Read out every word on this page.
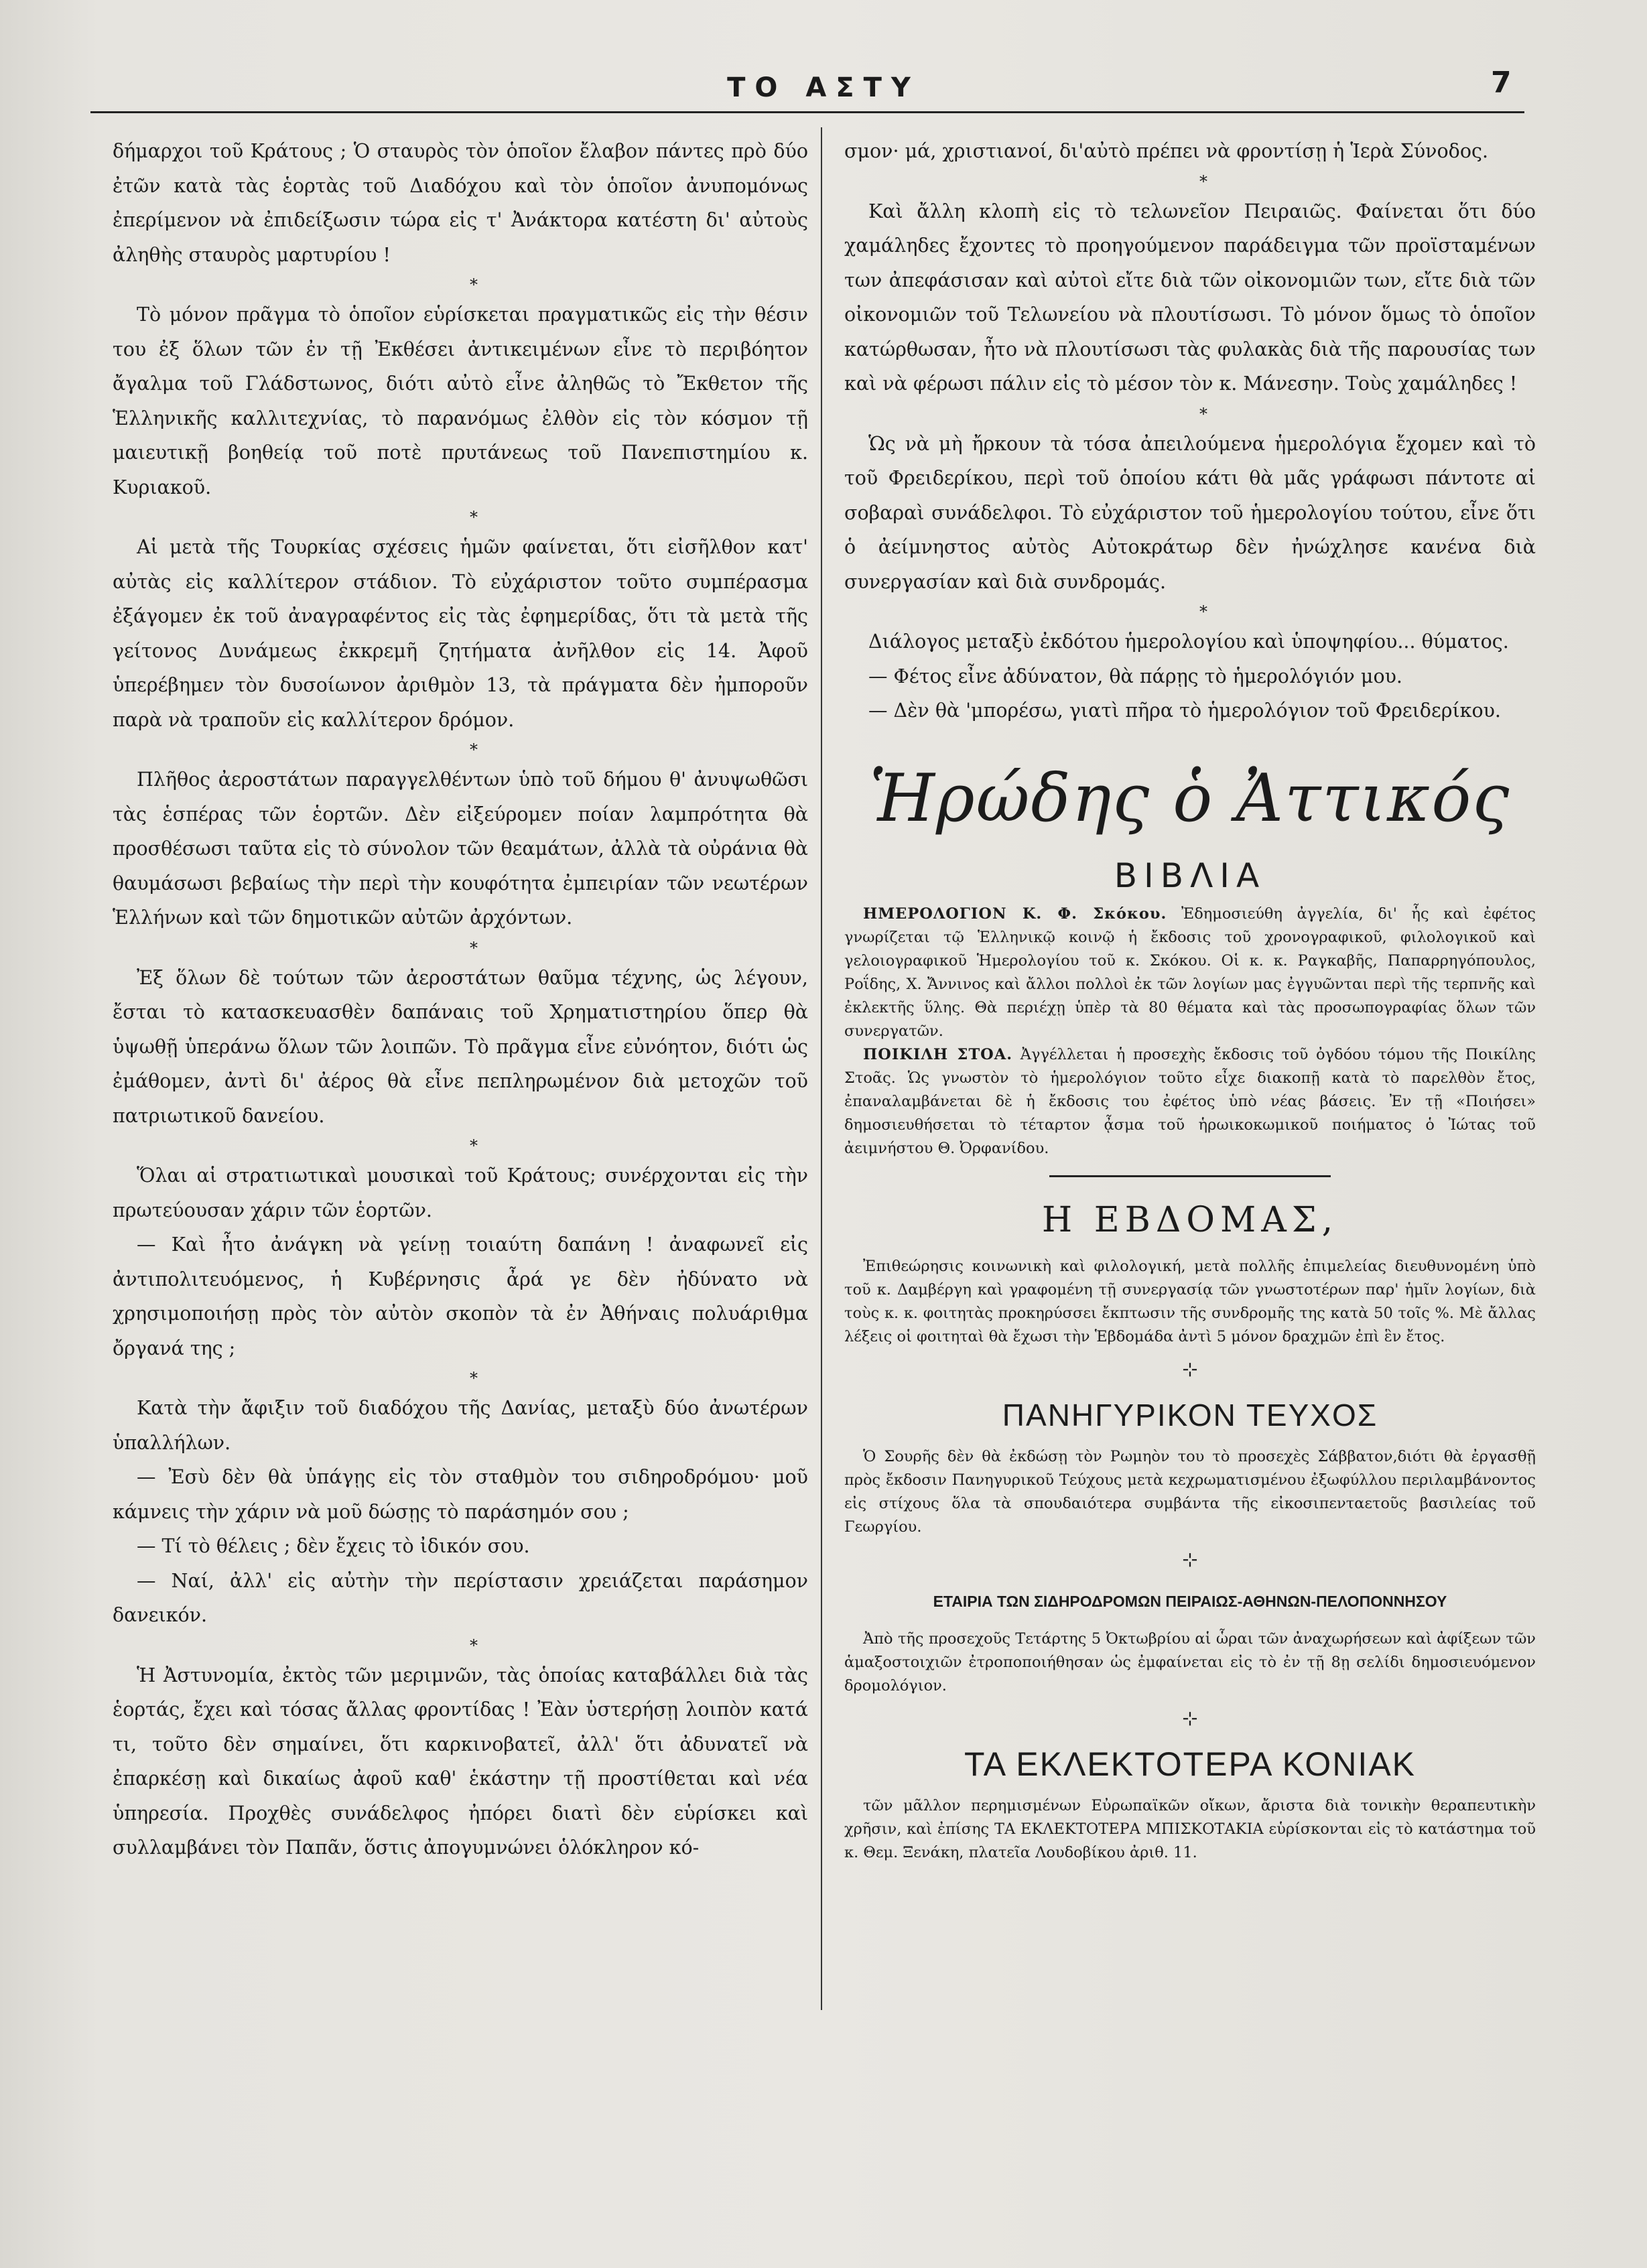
ΤΟ ΑΣΤΥ	7

δήμαρχοι τοῦ Κράτους ; Ὁ σταυρὸς τὸν ὁποῖον ἔλαβον πάντες πρὸ δύο ἐτῶν κατὰ τὰς ἑορτὰς τοῦ Διαδόχου καὶ τὸν ὁποῖον ἀνυπομόνως ἐπερίμενον νὰ ἐπιδείξωσιν τώρα εἰς τ' Ἀνάκτορα κατέστη δι' αὐτοὺς ἀληθὴς σταυρὸς μαρτυρίου !

*

Τὸ μόνον πρᾶγμα τὸ ὁποῖον εὑρίσκεται πραγματικῶς εἰς τὴν θέσιν του ἐξ ὅλων τῶν ἐν τῇ Ἐκθέσει ἀντικειμένων εἶνε τὸ περιβόητον ἄγαλμα τοῦ Γλάδστωνος, διότι αὐτὸ εἶνε ἀληθῶς τὸ Ἔκθετον τῆς Ἑλληνικῆς καλλιτεχνίας, τὸ παρανόμως ἐλθὸν εἰς τὸν κόσμον τῇ μαιευτικῇ βοηθείᾳ τοῦ ποτὲ πρυτάνεως τοῦ Πανεπιστημίου κ. Κυριακοῦ.

*

Αἱ μετὰ τῆς Τουρκίας σχέσεις ἡμῶν φαίνεται, ὅτι εἰσῆλθον κατ' αὐτὰς εἰς καλλίτερον στάδιον. Τὸ εὐχάριστον τοῦτο συμπέρασμα ἐξάγομεν ἐκ τοῦ ἀναγραφέντος εἰς τὰς ἐφημερίδας, ὅτι τὰ μετὰ τῆς γείτονος Δυνάμεως ἐκκρεμῆ ζητήματα ἀνῆλθον εἰς 14. Ἀφοῦ ὑπερέβημεν τὸν δυσοίωνον ἀριθμὸν 13, τὰ πράγματα δὲν ἠμποροῦν παρὰ νὰ τραποῦν εἰς καλλίτερον δρόμον.

*

Πλῆθος ἀεροστάτων παραγγελθέντων ὑπὸ τοῦ δήμου θ' ἀνυψωθῶσι τὰς ἑσπέρας τῶν ἑορτῶν. Δὲν εἰξεύρομεν ποίαν λαμπρότητα θὰ προσθέσωσι ταῦτα εἰς τὸ σύνολον τῶν θεαμάτων, ἀλλὰ τὰ οὐράνια θὰ θαυμάσωσι βεβαίως τὴν περὶ τὴν κουφότητα ἐμπειρίαν τῶν νεωτέρων Ἑλλήνων καὶ τῶν δημοτικῶν αὐτῶν ἀρχόντων.

*

Ἐξ ὅλων δὲ τούτων τῶν ἀεροστάτων θαῦμα τέχνης, ὡς λέγουν, ἔσται τὸ κατασκευασθὲν δαπάναις τοῦ Χρηματιστηρίου ὅπερ θὰ ὑψωθῇ ὑπεράνω ὅλων τῶν λοιπῶν. Τὸ πρᾶγμα εἶνε εὐνόητον, διότι ὡς ἐμάθομεν, ἀντὶ δι' ἀέρος θὰ εἶνε πεπληρωμένον διὰ μετοχῶν τοῦ πατριωτικοῦ δανείου.

*

Ὅλαι αἱ στρατιωτικαὶ μουσικαὶ τοῦ Κράτους; συνέρχονται εἰς τὴν πρωτεύουσαν χάριν τῶν ἑορτῶν.

— Καὶ ἦτο ἀνάγκη νὰ γείνῃ τοιαύτη δαπάνη ! ἀναφωνεῖ εἰς ἀντιπολιτευόμενος, ἡ Κυβέρνησις ἆρά γε δὲν ἠδύνατο νὰ χρησιμοποιήσῃ πρὸς τὸν αὐτὸν σκοπὸν τὰ ἐν Ἀθήναις πολυάριθμα ὄργανά της ;

*

Κατὰ τὴν ἄφιξιν τοῦ διαδόχου τῆς Δανίας, μεταξὺ δύο ἀνωτέρων ὑπαλλήλων.

— Ἐσὺ δὲν θὰ ὑπάγῃς εἰς τὸν σταθμὸν του σιδηροδρόμου· μοῦ κάμνεις τὴν χάριν νὰ μοῦ δώσῃς τὸ παράσημόν σου ;

— Τί τὸ θέλεις ; δὲν ἔχεις τὸ ἰδικόν σου.

— Ναί, ἀλλ' εἰς αὐτὴν τὴν περίστασιν χρειάζεται παράσημον δανεικόν.

*

Ἡ Ἀστυνομία, ἐκτὸς τῶν μεριμνῶν, τὰς ὁποίας καταβάλλει διὰ τὰς ἑορτάς, ἔχει καὶ τόσας ἄλλας φροντίδας ! Ἐὰν ὑστερήσῃ λοιπὸν κατά τι, τοῦτο δὲν σημαίνει, ὅτι καρκινοβατεῖ, ἀλλ' ὅτι ἀδυνατεῖ νὰ ἐπαρκέσῃ καὶ δικαίως ἀφοῦ καθ' ἑκάστην τῇ προστίθεται καὶ νέα ὑπηρεσία. Προχθὲς συνάδελφος ἠπόρει διατὶ δὲν εὑρίσκει καὶ συλλαμβάνει τὸν Παπᾶν, ὅστις ἀπογυμνώνει ὁλόκληρον κό-

σμον· μά, χριστιανοί, δι'αὐτὸ πρέπει νὰ φροντίσῃ ἡ Ἱερὰ Σύνοδος.

*

Καὶ ἄλλη κλοπὴ εἰς τὸ τελωνεῖον Πειραιῶς. Φαίνεται ὅτι δύο χαμάληδες ἔχοντες τὸ προηγούμενον παράδειγμα τῶν προϊσταμένων των ἀπεφάσισαν καὶ αὐτοὶ εἴτε διὰ τῶν οἰκονομιῶν των, εἴτε διὰ τῶν οἰκονομιῶν τοῦ Τελωνείου νὰ πλουτίσωσι. Τὸ μόνον ὅμως τὸ ὁποῖον κατώρθωσαν, ἦτο νὰ πλουτίσωσι τὰς φυλακὰς διὰ τῆς παρουσίας των καὶ νὰ φέρωσι πάλιν εἰς τὸ μέσον τὸν κ. Μάνεσην. Τοὺς χαμάληδες !

*

Ὡς νὰ μὴ ἤρκουν τὰ τόσα ἀπειλούμενα ἡμερολόγια ἔχομεν καὶ τὸ τοῦ Φρειδερίκου, περὶ τοῦ ὁποίου κάτι θὰ μᾶς γράφωσι πάντοτε αἱ σοβαραὶ συνάδελφοι. Τὸ εὐχάριστον τοῦ ἡμερολογίου τούτου, εἶνε ὅτι ὁ ἀείμνηστος αὐτὸς Αὐτοκράτωρ δὲν ἠνώχλησε κανένα διὰ συνεργασίαν καὶ διὰ συνδρομάς.

*

Διάλογος μεταξὺ ἐκδότου ἡμερολογίου καὶ ὑποψηφίου... θύματος.

— Φέτος εἶνε ἀδύνατον, θὰ πάρῃς τὸ ἡμερολόγιόν μου.

— Δὲν θὰ 'μπορέσω, γιατὶ πῆρα τὸ ἡμερολόγιον τοῦ Φρειδερίκου.

Ἡρώδης ὁ Ἀττικός
ΒΙΒΛΙΑ

ΗΜΕΡΟΛΟΓΙΟΝ Κ. Φ. Σκόκου. Ἐδημοσιεύθη ἀγγελία, δι' ἧς καὶ ἐφέτος γνωρίζεται τῷ Ἑλληνικῷ κοινῷ ἡ ἔκδοσις τοῦ χρονογραφικοῦ, φιλολογικοῦ καὶ γελοιογραφικοῦ Ἡμερολογίου τοῦ κ. Σκόκου. Οἱ κ. κ. Ραγκαβῆς, Παπαρρηγόπουλος, Ροΐδης, Χ. Ἄννινος καὶ ἄλλοι πολλοὶ ἐκ τῶν λογίων μας ἐγγυῶνται περὶ τῆς τερπνῆς καὶ ἐκλεκτῆς ὕλης. Θὰ περιέχῃ ὑπὲρ τὰ 80 θέματα καὶ τὰς προσωπογραφίας ὅλων τῶν συνεργατῶν.

ΠΟΙΚΙΛΗ ΣΤΟΑ. Ἀγγέλλεται ἡ προσεχὴς ἔκδοσις τοῦ ὀγδόου τόμου τῆς Ποικίλης Στοᾶς. Ὡς γνωστὸν τὸ ἡμερολόγιον τοῦτο εἶχε διακοπῇ κατὰ τὸ παρελθὸν ἔτος, ἐπαναλαμβάνεται δὲ ἡ ἔκδοσις του ἐφέτος ὑπὸ νέας βάσεις. Ἐν τῇ «Ποιήσει» δημοσιευθήσεται τὸ τέταρτον ᾆσμα τοῦ ἡρωικοκωμικοῦ ποιήματος ὁ Ἰώτας τοῦ ἀειμνήστου Θ. Ὀρφανίδου.

Η ΕΒΔΟΜΑΣ,

Ἐπιθεώρησις κοινωνικὴ καὶ φιλολογική, μετὰ πολλῆς ἐπιμελείας διευθυνομένη ὑπὸ τοῦ κ. Δαμβέργη καὶ γραφομένη τῇ συνεργασίᾳ τῶν γνωστοτέρων παρ' ἡμῖν λογίων, διὰ τοὺς κ. κ. φοιτητὰς προκηρύσσει ἔκπτωσιν τῆς συνδρομῆς της κατὰ 50 τοῖς %. Μὲ ἄλλας λέξεις οἱ φοιτηταὶ θὰ ἔχωσι τὴν Ἑβδομάδα ἀντὶ 5 μόνον δραχμῶν ἐπὶ ἓν ἔτος.

⊹
ΠΑΝΗΓΥΡΙΚΟΝ ΤΕΥΧΟΣ

Ὁ Σουρῆς δὲν θὰ ἐκδώσῃ τὸν Ρωμηὸν του τὸ προσεχὲς Σάββατον,διότι θὰ ἐργασθῇ πρὸς ἔκδοσιν Πανηγυρικοῦ Τεύχους μετὰ κεχρωματισμένου ἐξωφύλλου περιλαμβάνοντος εἰς στίχους ὅλα τὰ σπουδαιότερα συμβάντα τῆς εἰκοσιπενταετοῦς βασιλείας τοῦ Γεωργίου.

⊹
ΕΤΑΙΡΙΑ ΤΩΝ ΣΙΔΗΡΟΔΡΟΜΩΝ ΠΕΙΡΑΙΩΣ-ΑΘΗΝΩΝ-ΠΕΛΟΠΟΝΝΗΣΟΥ

Ἀπὸ τῆς προσεχοῦς Τετάρτης 5 Ὀκτωβρίου αἱ ὧραι τῶν ἀναχωρήσεων καὶ ἀφίξεων τῶν ἁμαξοστοιχιῶν ἐτροποποιήθησαν ὡς ἐμφαίνεται εἰς τὸ ἐν τῇ 8ῃ σελίδι δημοσιευόμενον δρομολόγιον.

⊹
ΤΑ ΕΚΛΕΚΤΟΤΕΡΑ ΚΟΝΙΑΚ

τῶν μᾶλλον περημισμένων Εὐρωπαϊκῶν οἴκων, ἄριστα διὰ τονικὴν θεραπευτικὴν χρῆσιν, καὶ ἐπίσης ΤΑ ΕΚΛΕΚΤΟΤΕΡΑ ΜΠΙΣΚΟΤΑΚΙΑ εὑρίσκονται εἰς τὸ κατάστημα τοῦ κ. Θεμ. Ξενάκη, πλατεῖα Λουδοβίκου ἀριθ. 11.
